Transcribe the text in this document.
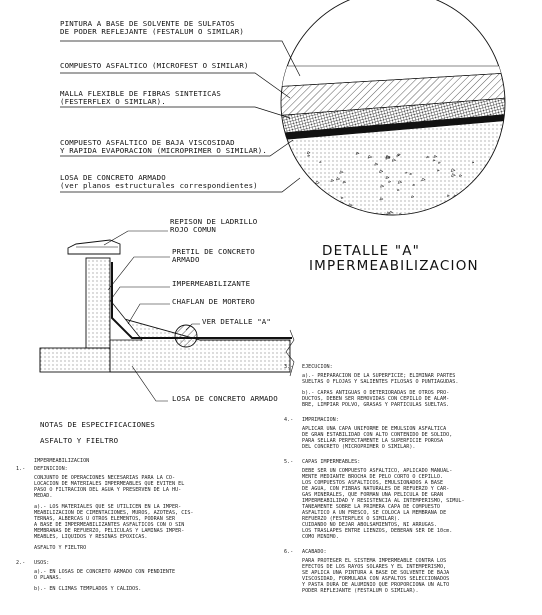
PINTURA A BASE DE SOLVENTE DE SULFATOS
DE PODER REFLEJANTE (FESTALUM O SIMILAR)
COMPUESTO ASFALTICO (MICROFEST O SIMILAR)
MALLA FLEXIBLE DE FIBRAS SINTETICAS
(FESTERFLEX O SIMILAR).
COMPUESTO ASFALTICO DE BAJA VISCOSIDAD
Y RAPIDA EVAPORACION (MICROPRIMER O SIMILAR).
LOSA DE CONCRETO ARMADO
(ver planos estructurales correspondientes)
DETALLE "A"
IMPERMEABILIZACION
REPISON DE LADRILLO
ROJO COMUN
PRETIL DE CONCRETO
ARMADO
IMPERMEABILIZANTE
CHAFLAN DE MORTERO
VER DETALLE "A"
LOSA DE CONCRETO ARMADO
NOTAS DE ESPECIFICACIONES
ASFALTO Y FIELTRO
IMPERMEABILIZACION
1.- DEFINICION:
CONJUNTO DE OPERACIONES NECESARIAS PARA LA CO-
LOCACION DE MATERIALES IMPERMEABLES QUE EVITEN EL
PASO O FILTRACION DEL AGUA Y PRESERVEN DE LA HU-
MEDAD.
a).- LOS MATERIALES QUE SE UTILICEN EN LA IMPER-
MEABILIZACION DE CIMENTACIONES, MUROS, AZOTEAS, CIS-
TERNAS, ALBERCAS U OTROS ELEMENTOS, PODRAN SER
A BASE DE IMPERMEABILIZANTES ASFALTICOS CON O SIN
MEMBRANAS DE REFUERZO, PELICULAS Y LAMINAS IMPER-
MEABLES, LIQUIDOS Y RESINAS EPOXICAS.
ASFALTO Y FIELTRO
2.- USOS:
a).- EN LOSAS DE CONCRETO ARMADO CON PENDIENTE
O PLANAS.
b).- EN CLIMAS TEMPLADOS Y CALIDOS.
3.- EJECUCION:
a).- PREPARACION DE LA SUPERFICIE; ELIMINAR PARTES
SUELTAS O FLOJAS Y SALIENTES FILOSAS O PUNTIAGUDAS.
b).- CAPAS ANTIGUAS O DETERIORADAS DE OTROS PRO-
DUCTOS, DEBEN SER REMOVIDAS CON CEPILLO DE ALAM-
BRE, LIMPIAR POLVO, GRASAS Y PARTICULAS SUELTAS.
4.- IMPRIMACION:
APLICAR UNA CAPA UNIFORME DE EMULSION ASFALTICA
DE GRAN ESTABILIDAD CON ALTO CONTENIDO DE SOLIDO,
PARA SELLAR PERFECTAMENTE LA SUPERFICIE POROSA
DEL CONCRETO (MICROPRIMER O SIMILAR).
5.- CAPAS IMPERMEABLES:
DEBE SER UN COMPUESTO ASFALTICO, APLICADO MANUAL-
MENTE MEDIANTE BROCHA DE PELO CORTO O CEPILLO.
LOS COMPUESTOS ASFALTICOS, EMULSIONADOS A BASE
DE AGUA, CON FIBRAS NATURALES DE REFUERZO Y CAR-
GAS MINERALES, QUE FORMAN UNA PELICULA DE GRAN
IMPERMEABILIDAD Y RESISTENCIA AL INTEMPERISMO, SIMUL-
TANEAMENTE SOBRE LA PRIMERA CAPA DE COMPUESTO
ASFALTICO A UN FRESCO, SE COLOCA LA MEMBRANA DE
REFUERZO (FESTERFLEX O SIMILAR).
CUIDANDO NO DEJAR ABOLSAMIENTOS, NI ARRUGAS.
LOS TRASLAPES ENTRE LIENZOS, DEBERAN SER DE 10cm.
COMO MINIMO.
6.- ACABADO:
PARA PROTEGER EL SISTEMA IMPERMEABLE CONTRA LOS
EFECTOS DE LOS RAYOS SOLARES Y EL INTEMPERISMO,
SE APLICA UNA PINTURA A BASE DE SOLVENTE DE BAJA
VISCOSIDAD, FORMULADA CON ASFALTOS SELECCIONADOS
Y PASTA DURA DE ALUMINIO QUE PROPORCIONA UN ALTO
PODER REFLEJANTE (FESTALUM O SIMILAR).
